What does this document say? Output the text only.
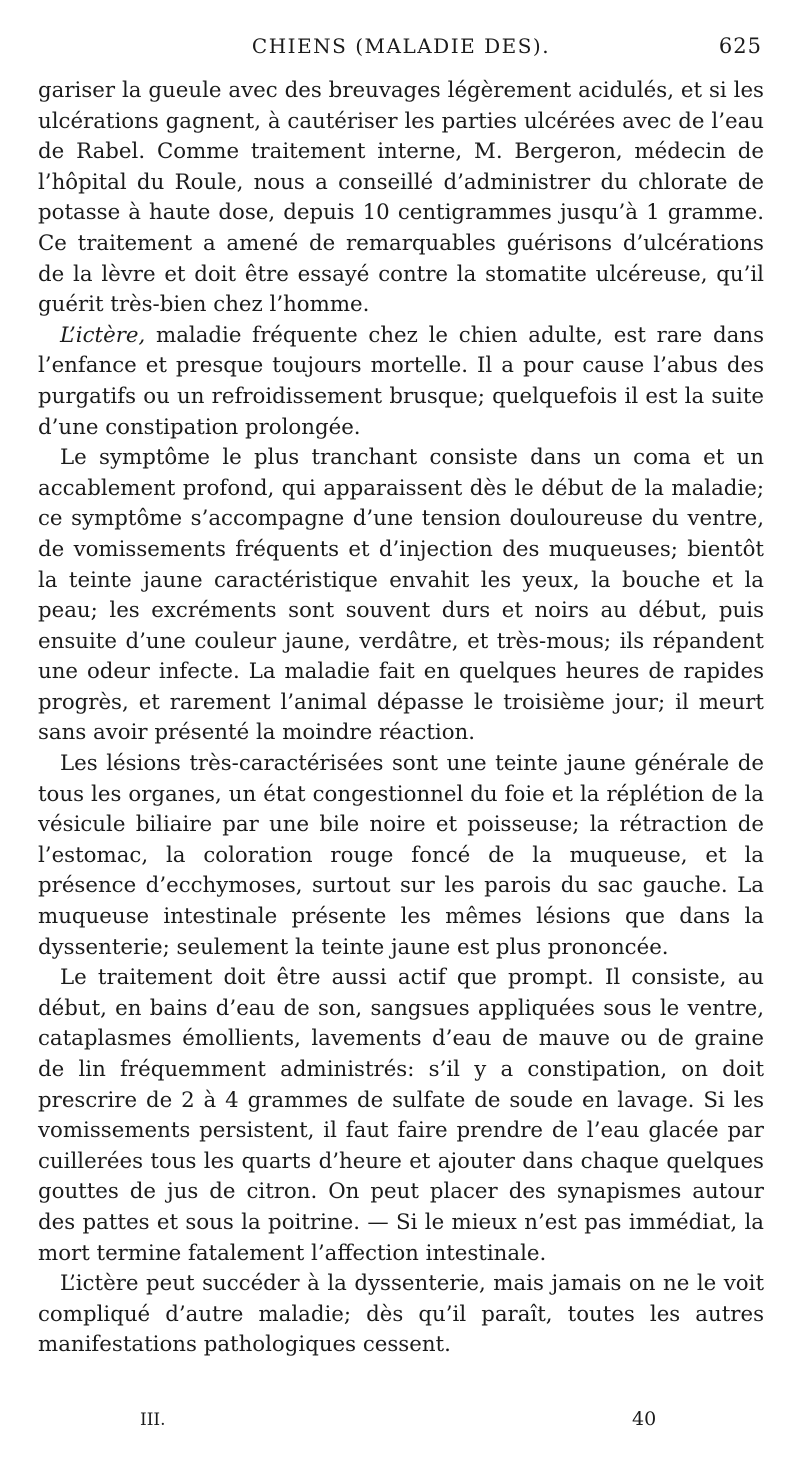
CHIENS (MALADIE DES).	625

gariser la gueule avec des breuvages légèrement acidulés, et si les ulcérations gagnent, à cautériser les parties ulcérées avec de l’eau de Rabel. Comme traitement interne, M. Bergeron, médecin de l’hôpital du Roule, nous a conseillé d’administrer du chlorate de potasse à haute dose, depuis 10 centigrammes jusqu’à 1 gramme. Ce traitement a amené de remarquables guérisons d’ulcérations de la lèvre et doit être essayé contre la stomatite ulcéreuse, qu’il guérit très-bien chez l’homme.

L’ictère, maladie fréquente chez le chien adulte, est rare dans l’enfance et presque toujours mortelle. Il a pour cause l’abus des purgatifs ou un refroidissement brusque; quelquefois il est la suite d’une constipation prolongée.

Le symptôme le plus tranchant consiste dans un coma et un accablement profond, qui apparaissent dès le début de la maladie; ce symptôme s’accompagne d’une tension douloureuse du ventre, de vomissements fréquents et d’injection des muqueuses; bientôt la teinte jaune caractéristique envahit les yeux, la bouche et la peau; les excréments sont souvent durs et noirs au début, puis ensuite d’une couleur jaune, verdâtre, et très-mous; ils répandent une odeur infecte. La maladie fait en quelques heures de rapides progrès, et rarement l’animal dépasse le troisième jour; il meurt sans avoir présenté la moindre réaction.

Les lésions très-caractérisées sont une teinte jaune générale de tous les organes, un état congestionnel du foie et la réplétion de la vésicule biliaire par une bile noire et poisseuse; la rétraction de l’estomac, la coloration rouge foncé de la muqueuse, et la présence d’ecchymoses, surtout sur les parois du sac gauche. La muqueuse intestinale présente les mêmes lésions que dans la dyssenterie; seulement la teinte jaune est plus prononcée.

Le traitement doit être aussi actif que prompt. Il consiste, au début, en bains d’eau de son, sangsues appliquées sous le ventre, cataplasmes émollients, lavements d’eau de mauve ou de graine de lin fréquemment administrés: s’il y a constipation, on doit prescrire de 2 à 4 grammes de sulfate de soude en lavage. Si les vomissements persistent, il faut faire prendre de l’eau glacée par cuillerées tous les quarts d’heure et ajouter dans chaque quelques gouttes de jus de citron. On peut placer des synapismes autour des pattes et sous la poitrine. — Si le mieux n’est pas immédiat, la mort termine fatalement l’affection intestinale.

L’ictère peut succéder à la dyssenterie, mais jamais on ne le voit compliqué d’autre maladie; dès qu’il paraît, toutes les autres manifestations pathologiques cessent.

III.	40
